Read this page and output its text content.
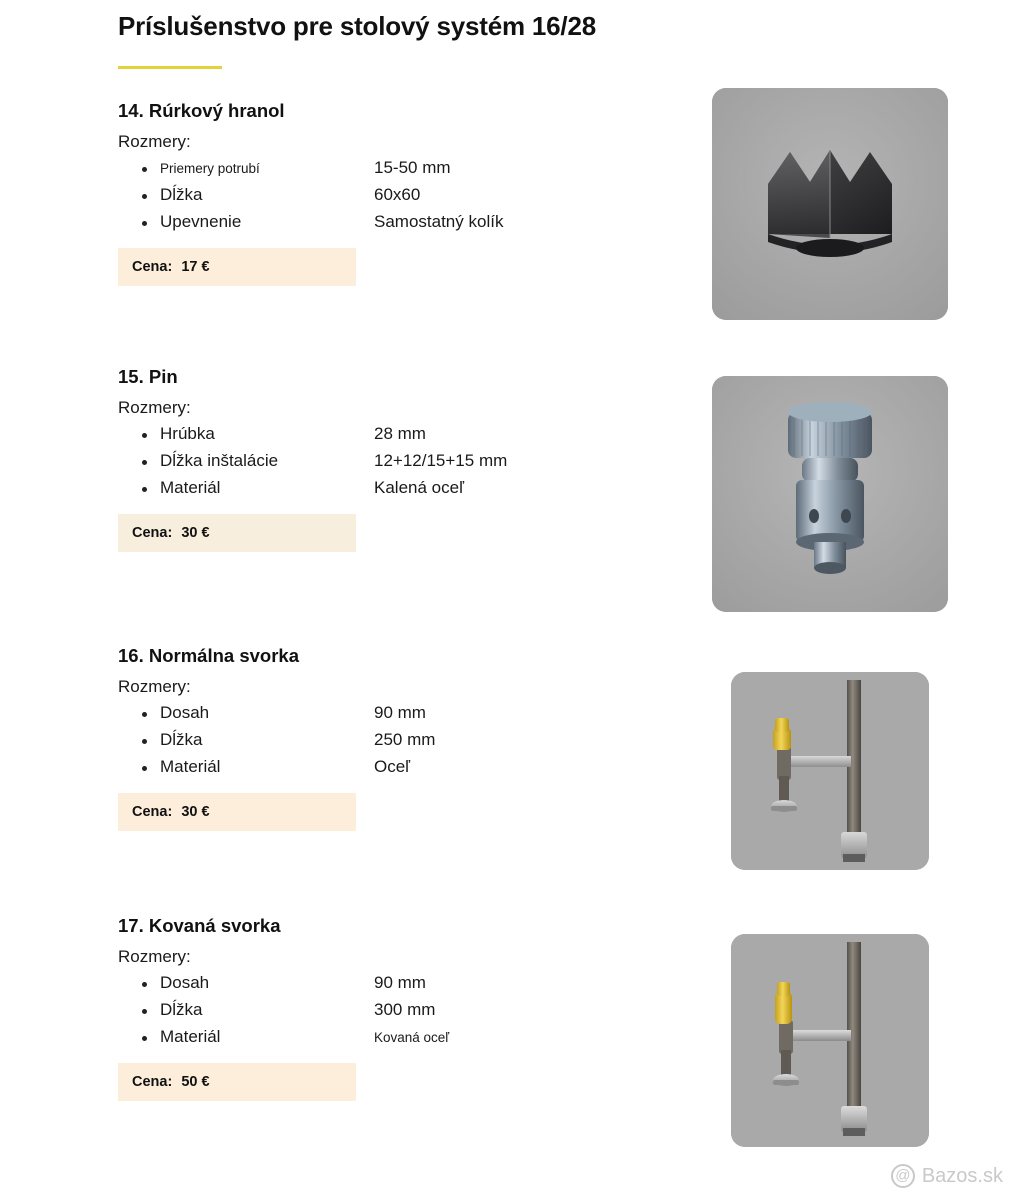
Príslušenstvo pre stolový systém 16/28
14. Rúrkový hranol
Rozmery:
Priemery potrubí	15-50 mm
Dĺžka	60x60
Upevnenie	Samostatný kolík
Cena: 17 €
15. Pin
Rozmery:
Hrúbka	28 mm
Dĺžka inštalácie	12+12/15+15 mm
Materiál	Kalená oceľ
Cena: 30 €
16. Normálna svorka
Rozmery:
Dosah	90 mm
Dĺžka	250 mm
Materiál	Oceľ
Cena: 30 €
17. Kovaná svorka
Rozmery:
Dosah	90 mm
Dĺžka	300 mm
Materiál	Kovaná oceľ
Cena: 50 €
@ Bazos.sk
